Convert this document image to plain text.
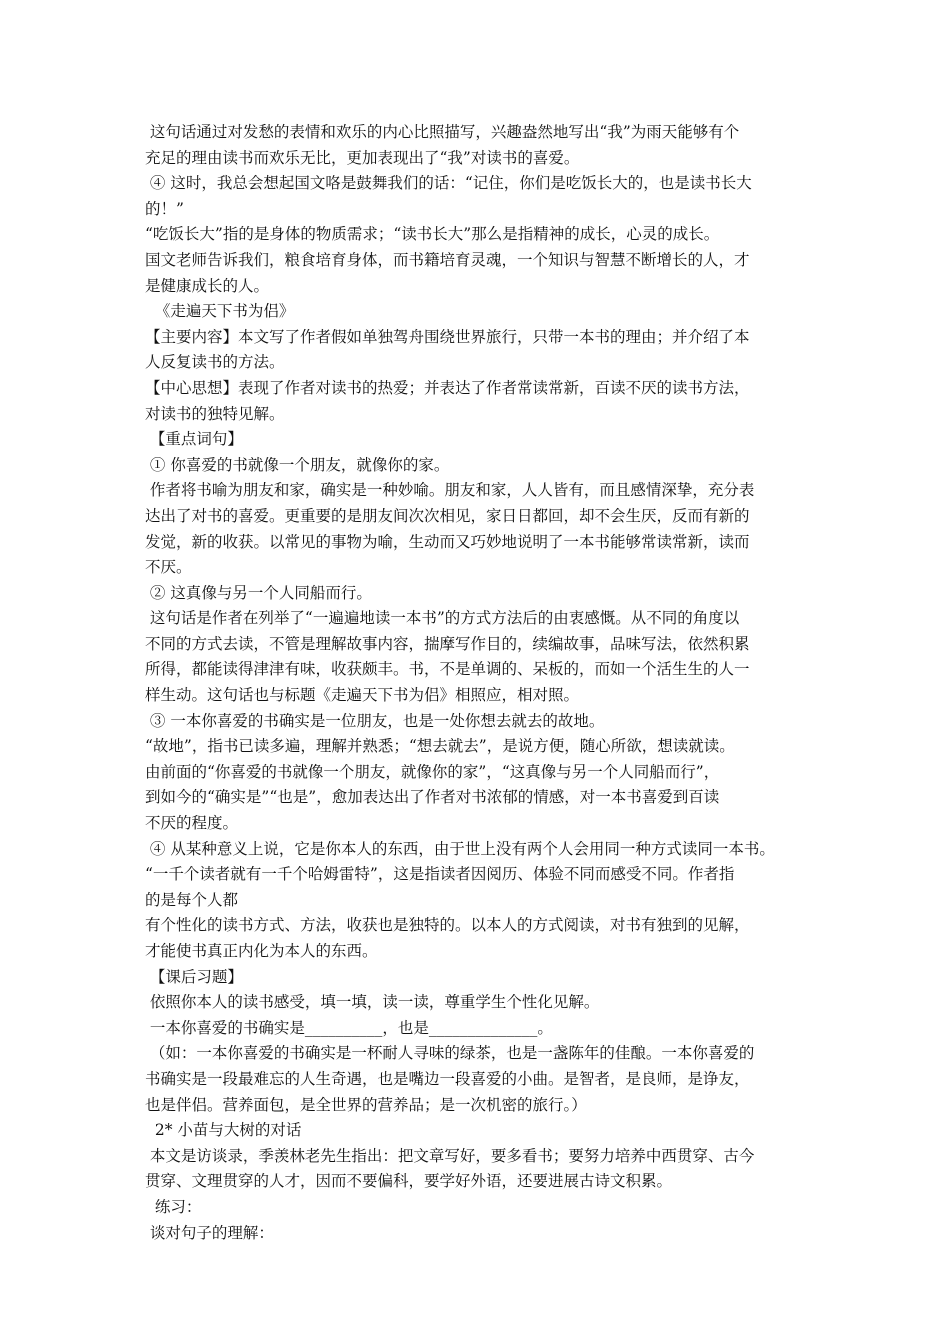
这句话通过对发愁的表情和欢乐的内心比照描写，兴趣盎然地写出“我”为雨天能够有个

充足的理由读书而欢乐无比，更加表现出了“我”对读书的喜爱。

④ 这时，我总会想起国文咯是鼓舞我们的话：“记住，你们是吃饭长大的，也是读书长大

的！”

“吃饭长大”指的是身体的物质需求；“读书长大”那么是指精神的成长，心灵的成长。

国文老师告诉我们，粮食培育身体，而书籍培育灵魂，一个知识与智慧不断增长的人，才

是健康成长的人。

《走遍天下书为侣》

【主要内容】本文写了作者假如单独驾舟围绕世界旅行，只带一本书的理由；并介绍了本

人反复读书的方法。

【中心思想】表现了作者对读书的热爱；并表达了作者常读常新，百读不厌的读书方法，

对读书的独特见解。

【重点词句】

① 你喜爱的书就像一个朋友，就像你的家。

作者将书喻为朋友和家，确实是一种妙喻。朋友和家，人人皆有，而且感情深挚，充分表

达出了对书的喜爱。更重要的是朋友间次次相见，家日日都回，却不会生厌，反而有新的

发觉，新的收获。以常见的事物为喻，生动而又巧妙地说明了一本书能够常读常新，读而

不厌。

② 这真像与另一个人同船而行。

这句话是作者在列举了“一遍遍地读一本书”的方式方法后的由衷感慨。从不同的角度以

不同的方式去读，不管是理解故事内容，揣摩写作目的，续编故事，品味写法，依然积累

所得，都能读得津津有味，收获颇丰。书，不是单调的、呆板的，而如一个活生生的人一

样生动。这句话也与标题《走遍天下书为侣》相照应，相对照。

③ 一本你喜爱的书确实是一位朋友，也是一处你想去就去的故地。

“故地”，指书已读多遍，理解并熟悉；“想去就去”，是说方便，随心所欲，想读就读。

由前面的“你喜爱的书就像一个朋友，就像你的家”，“这真像与另一个人同船而行”，

到如今的“确实是”“也是”，愈加表达出了作者对书浓郁的情感，对一本书喜爱到百读

不厌的程度。

④ 从某种意义上说，它是你本人的东西，由于世上没有两个人会用同一种方式读同一本书。

“一千个读者就有一千个哈姆雷特”，这是指读者因阅历、体验不同而感受不同。作者指

的是每个人都

有个性化的读书方式、方法，收获也是独特的。以本人的方式阅读，对书有独到的见解，

才能使书真正内化为本人的东西。

【课后习题】

依照你本人的读书感受，填一填，读一读，尊重学生个性化见解。

一本你喜爱的书确实是__________，也是______________。

（如：一本你喜爱的书确实是一杯耐人寻味的绿茶，也是一盏陈年的佳酿。一本你喜爱的

书确实是一段最难忘的人生奇遇，也是嘴边一段喜爱的小曲。是智者，是良师，是诤友，

也是伴侣。营养面包，是全世界的营养品；是一次机密的旅行。）

2* 小苗与大树的对话

本文是访谈录，季羡林老先生指出：把文章写好，要多看书；要努力培养中西贯穿、古今

贯穿、文理贯穿的人才，因而不要偏科，要学好外语，还要进展古诗文积累。

练习：

谈对句子的理解：
